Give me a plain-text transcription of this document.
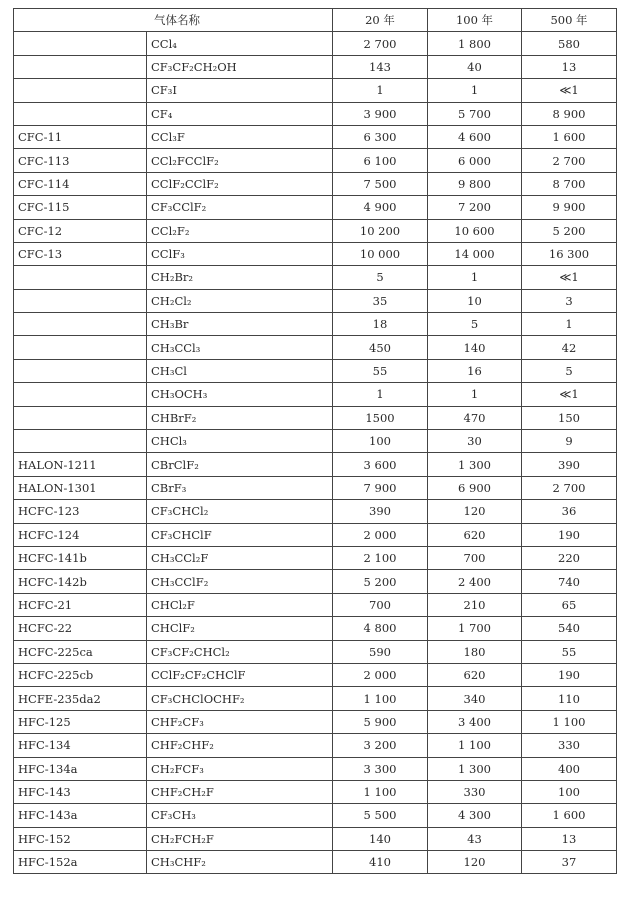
气体名称		20 年	100 年	500 年
	CCl₄	2 700	1 800	580
	CF₃CF₂CH₂OH	143	40	13
	CF₃I	1	1	≪1
	CF₄	3 900	5 700	8 900
CFC-11	CCl₃F	6 300	4 600	1 600
CFC-113	CCl₂FCClF₂	6 100	6 000	2 700
CFC-114	CClF₂CClF₂	7 500	9 800	8 700
CFC-115	CF₃CClF₂	4 900	7 200	9 900
CFC-12	CCl₂F₂	10 200	10 600	5 200
CFC-13	CClF₃	10 000	14 000	16 300
	CH₂Br₂	5	1	≪1
	CH₂Cl₂	35	10	3
	CH₃Br	18	5	1
	CH₃CCl₃	450	140	42
	CH₃Cl	55	16	5
	CH₃OCH₃	1	1	≪1
	CHBrF₂	1500	470	150
	CHCl₃	100	30	9
HALON-1211	CBrClF₂	3 600	1 300	390
HALON-1301	CBrF₃	7 900	6 900	2 700
HCFC-123	CF₃CHCl₂	390	120	36
HCFC-124	CF₃CHClF	2 000	620	190
HCFC-141b	CH₃CCl₂F	2 100	700	220
HCFC-142b	CH₃CClF₂	5 200	2 400	740
HCFC-21	CHCl₂F	700	210	65
HCFC-22	CHClF₂	4 800	1 700	540
HCFC-225ca	CF₃CF₂CHCl₂	590	180	55
HCFC-225cb	CClF₂CF₂CHClF	2 000	620	190
HCFE-235da2	CF₃CHClOCHF₂	1 100	340	110
HFC-125	CHF₂CF₃	5 900	3 400	1 100
HFC-134	CHF₂CHF₂	3 200	1 100	330
HFC-134a	CH₂FCF₃	3 300	1 300	400
HFC-143	CHF₂CH₂F	1 100	330	100
HFC-143a	CF₃CH₃	5 500	4 300	1 600
HFC-152	CH₂FCH₂F	140	43	13
HFC-152a	CH₃CHF₂	410	120	37
